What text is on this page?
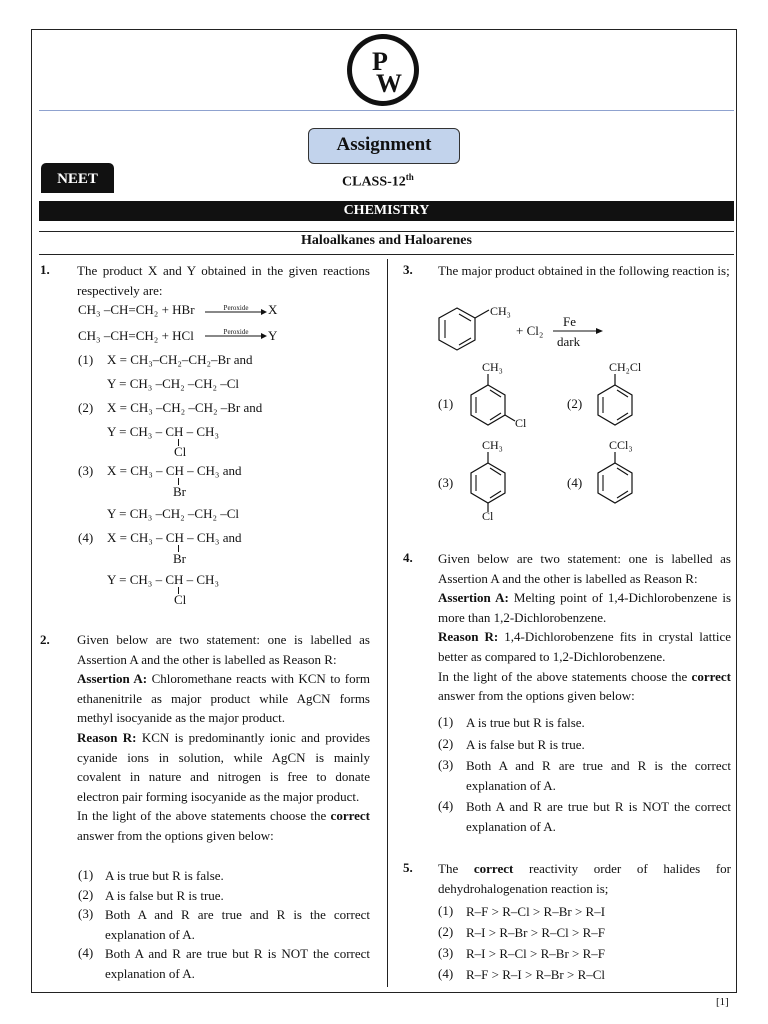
P
W
Assignment
NEET	CLASS-12th
CHEMISTRY
Haloalkanes and Haloarenes
1. The product X and Y obtained in the given reactions respectively are:
CH₃ –CH=CH₂ + HBr	Peroxide	X
CH₃ –CH=CH₂ + HCl	Peroxide	Y
(1) X = CH₃–CH₂–CH₂–Br and
Y = CH₃ –CH₂ –CH₂ –Cl
(2) X = CH₃ –CH₂ –CH₂ –Br and
Y = CH₃ – CH – CH₃
Cl
(3) X = CH₃ – CH – CH₃ and
Br
Y = CH₃ –CH₂ –CH₂ –Cl
(4) X = CH₃ – CH – CH₃ and
Br
Y = CH₃ – CH – CH₃
Cl
2. Given below are two statement: one is labelled as Assertion A and the other is labelled as Reason R:
Assertion A: Chloromethane reacts with KCN to form ethanenitrile as major product while AgCN forms methyl isocyanide as the major product.
Reason R: KCN is predominantly ionic and provides cyanide ions in solution, while AgCN is mainly covalent in nature and nitrogen is free to donate electron pair forming isocyanide as the major product.
In the light of the above statements choose the correct answer from the options given below:
(1) A is true but R is false.
(2) A is false but R is true.
(3) Both A and R are true and R is the correct explanation of A.
(4) Both A and R are true but R is NOT the correct explanation of A.
3. The major product obtained in the following reaction is;
CH₃
+ Cl₂
Fe
dark
(1)
CH₃
Cl
(2)
CH₂Cl
(3)
CH₃
Cl
(4)
CCl₃
4. Given below are two statement: one is labelled as Assertion A and the other is labelled as Reason R:
Assertion A: Melting point of 1,4-Dichlorobenzene is more than 1,2-Dichlorobenzene.
Reason R: 1,4-Dichlorobenzene fits in crystal lattice better as compared to 1,2-Dichlorobenzene.
In the light of the above statements choose the correct answer from the options given below:
(1) A is true but R is false.
(2) A is false but R is true.
(3) Both A and R are true and R is the correct explanation of A.
(4) Both A and R are true but R is NOT the correct explanation of A.
5. The correct reactivity order of halides for dehydrohalogenation reaction is;
(1) R–F > R–Cl > R–Br > R–I
(2) R–I > R–Br > R–Cl > R–F
(3) R–I > R–Cl > R–Br > R–F
(4) R–F > R–I > R–Br > R–Cl
[1]
